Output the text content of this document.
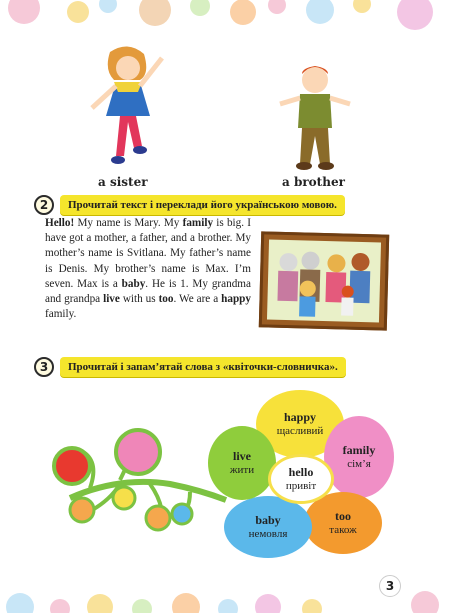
a sister	a brother
2	Прочитай текст і переклади його українською мовою.
Hello! My name is Mary. My family is big. I have got a mother, a father, and a brother. My mother’s name is Svitlana. My father’s name is Denis. My brother’s name is Max. I’m seven. Max is a baby. He is 1. My grandma and grandpa live with us too. We are a happy family.
3	Прочитай і запам’ятай слова з «квіточки-словничка».
happy
щасливий
family
сім’я
too
також
baby
немовля
live
жити	hello
привіт
3
